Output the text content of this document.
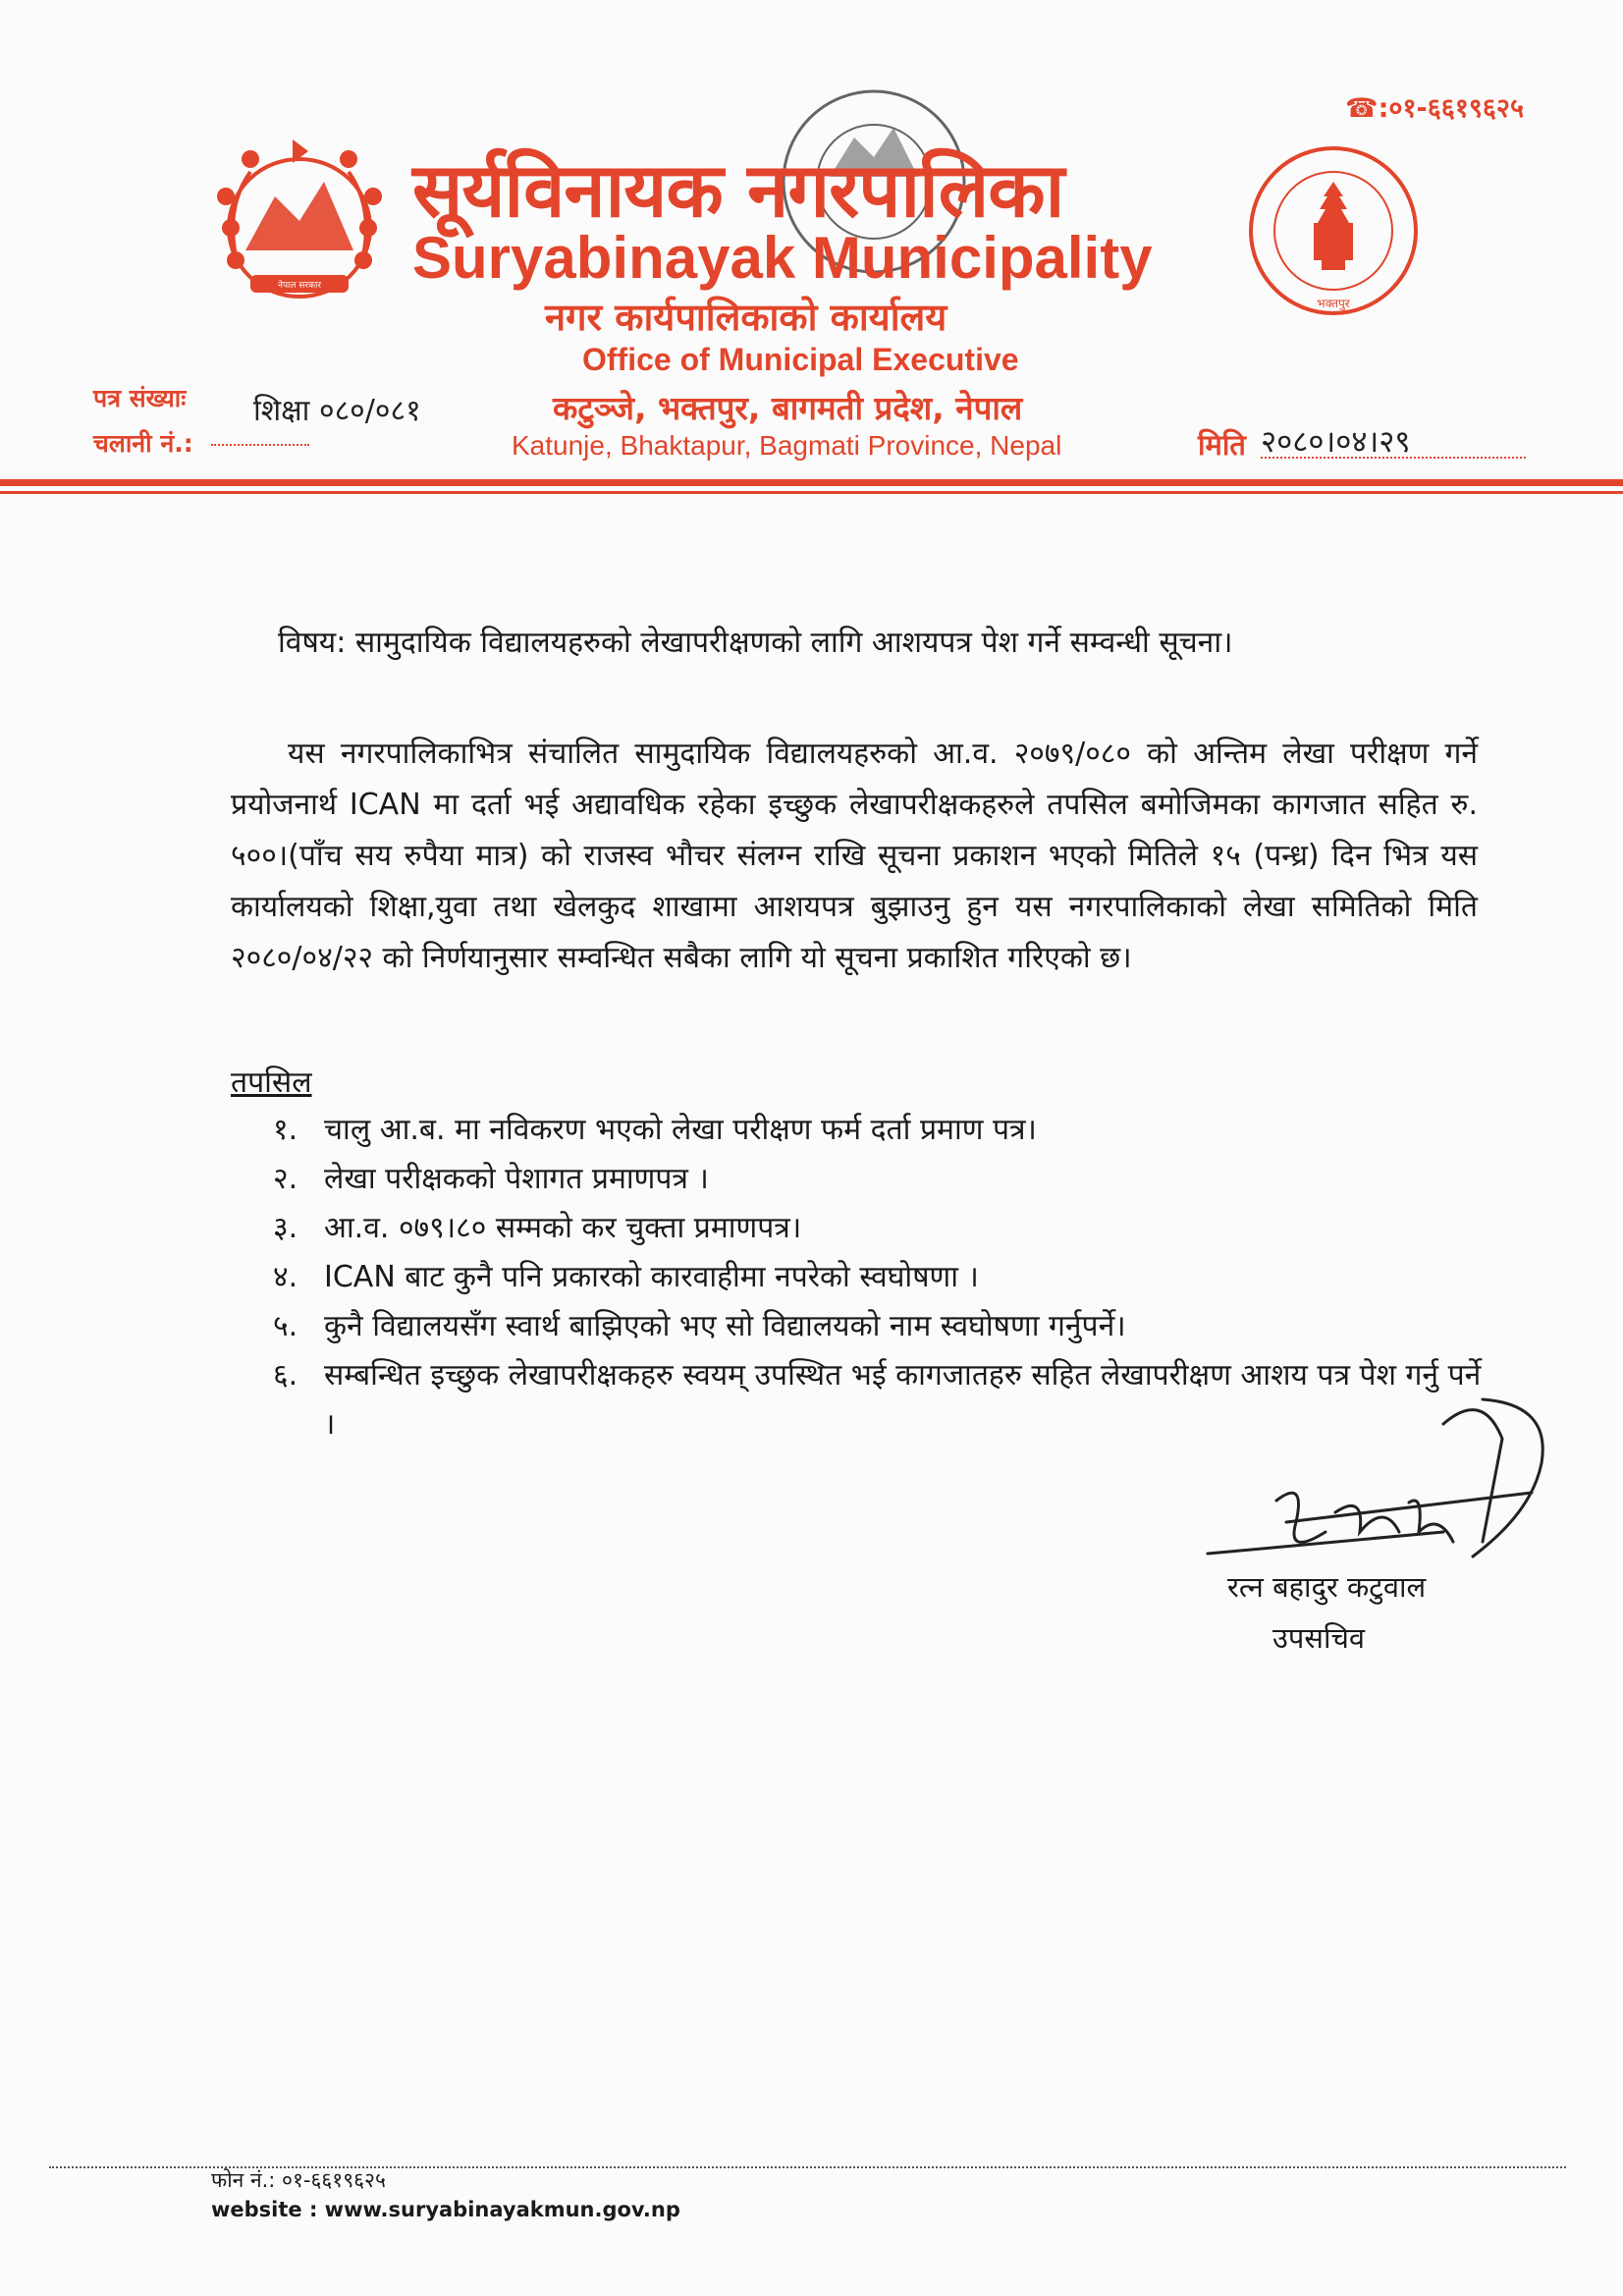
नेपाल सरकार
भक्तपुर
☎:०१-६६१९६२५
सूर्यविनायक नगरपालिका
Suryabinayak Municipality
नगर कार्यपालिकाको कार्यालय
Office of Municipal Executive
कटुञ्जे, भक्तपुर, बागमती प्रदेश, नेपाल
Katunje, Bhaktapur, Bagmati Province, Nepal
पत्र संख्याः शिक्षा ०८०/०८१
चलानी नं.:	मिति २०८०।०४।२९
विषय: सामुदायिक विद्यालयहरुको लेखापरीक्षणको लागि आशयपत्र पेश गर्ने सम्वन्धी सूचना।
यस नगरपालिकाभित्र संचालित सामुदायिक विद्यालयहरुको आ.व. २०७९/०८० को अन्तिम लेखा परीक्षण गर्ने प्रयोजनार्थ ICAN मा दर्ता भई अद्यावधिक रहेका इच्छुक लेखापरीक्षकहरुले तपसिल बमोजिमका कागजात सहित रु. ५००।(पाँच सय रुपैया मात्र) को राजस्व भौचर संलग्न राखि सूचना प्रकाशन भएको मितिले १५ (पन्ध्र) दिन भित्र यस कार्यालयको शिक्षा,युवा तथा खेलकुद शाखामा आशयपत्र बुझाउनु हुन यस नगरपालिकाको लेखा समितिको मिति २०८०/०४/२२ को निर्णयानुसार सम्वन्धित सबैका लागि यो सूचना प्रकाशित गरिएको छ।
तपसिल
१. चालु आ.ब. मा नविकरण भएको लेखा परीक्षण फर्म दर्ता प्रमाण पत्र।
२. लेखा परीक्षकको पेशागत प्रमाणपत्र ।
३. आ.व. ०७९।८० सम्मको कर चुक्ता प्रमाणपत्र।
४. ICAN बाट कुनै पनि प्रकारको कारवाहीमा नपरेको स्वघोषणा ।
५. कुनै विद्यालयसँग स्वार्थ बाझिएको भए सो विद्यालयको नाम स्वघोषणा गर्नुपर्ने।
६. सम्बन्धित इच्छुक लेखापरीक्षकहरु स्वयम् उपस्थित भई कागजातहरु सहित लेखापरीक्षण आशय पत्र पेश गर्नु पर्ने ।
रत्न बहादुर कटुवाल
उपसचिव
फोन नं.: ०१-६६१९६२५
website : www.suryabinayakmun.gov.np
